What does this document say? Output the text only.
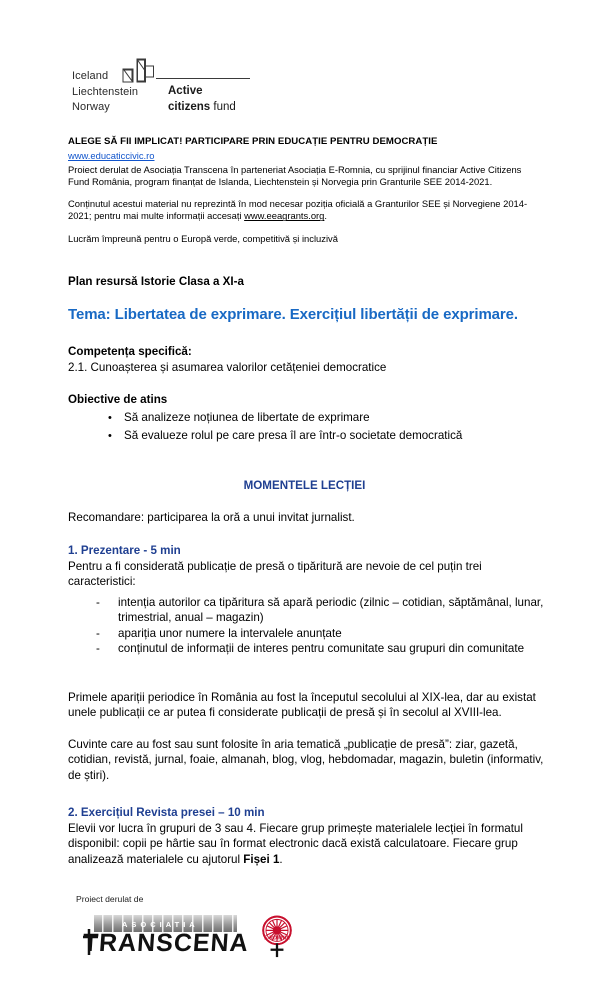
Iceland
Liechtenstein
Norway
Active
citizens fund
ALEGE SĂ FII IMPLICAT! PARTICIPARE PRIN EDUCAȚIE PENTRU DEMOCRAȚIE
www.educaticcivic.ro
Proiect derulat de Asociația Transcena în parteneriat Asociația E-Romnia, cu sprijinul financiar Active Citizens Fund România, program finanțat de Islanda, Liechtenstein și Norvegia prin Granturile SEE 2014-2021.
Conținutul acestui material nu reprezintă în mod necesar poziția oficială a Granturilor SEE și Norvegiene 2014-2021; pentru mai multe informații accesați www.eeagrants.org.
Lucrăm împreună pentru o Europă verde, competitivă și incluzivă
Plan resursă Istorie Clasa a XI-a
Tema: Libertatea de exprimare. Exercițiul libertății de exprimare.
Competența specifică:
2.1. Cunoașterea și asumarea valorilor cetățeniei democratice
Obiective de atins
• Să analizeze noțiunea de libertate de exprimare
• Să evalueze rolul pe care presa îl are într-o societate democratică
MOMENTELE LECȚIEI
Recomandare: participarea la oră a unui invitat jurnalist.
1. Prezentare - 5 min
Pentru a fi considerată publicație de presă o tipăritură are nevoie de cel puțin trei caracteristici:
- intenția autorilor ca tipăritura să apară periodic (zilnic – cotidian, săptămânal, lunar, trimestrial, anual – magazin)
- apariția unor numere la intervalele anunțate
- conținutul de informații de interes pentru comunitate sau grupuri din comunitate
Primele apariții periodice în România au fost la începutul secolului al XIX-lea, dar au existat unele publicații ce ar putea fi considerate publicații de presă și în secolul al XVIII-lea.
Cuvinte care au fost sau sunt folosite în aria tematică „publicație de presă”: ziar, gazetă, cotidian, revistă, jurnal, foaie, almanah, blog, vlog, hebdomadar, magazin, buletin (informativ, de știri).
2. Exercițiul Revista presei – 10 min
Elevii vor lucra în grupuri de 3 sau 4. Fiecare grup primește materialele lecției în formatul disponibil: copii pe hârtie sau în format electronic dacă există calculatoare. Fiecare grup analizează materialele cu ajutorul Fișei 1.
Proiect derulat de
ASOCIATIA
TRANSCENA E-ROMNIA
